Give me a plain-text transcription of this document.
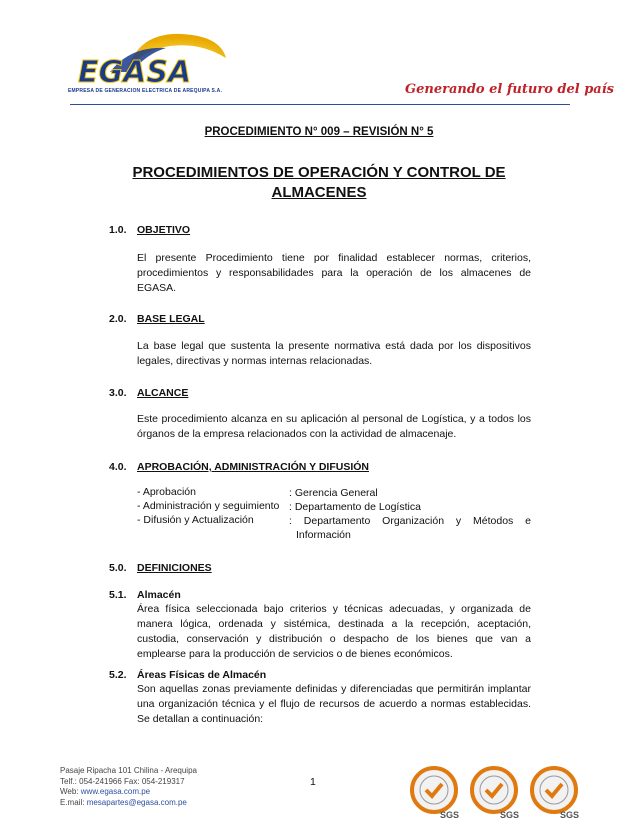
EGASA
EMPRESA DE GENERACION ELECTRICA DE AREQUIPA S.A.	Generando el futuro del país
PROCEDIMIENTO N° 009 – REVISIÓN N° 5
PROCEDIMIENTOS DE OPERACIÓN Y CONTROL DE ALMACENES
1.0. OBJETIVO
El presente Procedimiento tiene por finalidad establecer normas, criterios,
procedimientos y responsabilidades para la operación de los almacenes de
EGASA.
2.0. BASE LEGAL
La base legal que sustenta la presente normativa está dada por los dispositivos
legales, directivas y normas internas relacionadas.
3.0. ALCANCE
Este procedimiento alcanza en su aplicación al personal de Logística, y a todos los
órganos de la empresa relacionados con la actividad de almacenaje.
4.0. APROBACIÓN, ADMINISTRACIÓN Y DIFUSIÓN
- Aprobación	: Gerencia General
- Administración y seguimiento : Departamento de Logística
- Difusión y Actualización	: Departamento Organización y Métodos e
Información
5.0. DEFINICIONES
5.1. Almacén
Área física seleccionada bajo criterios y técnicas adecuadas, y organizada de
manera lógica, ordenada y sistémica, destinada a la recepción, aceptación,
custodia, conservación y distribución o despacho de los bienes que van a
emplearse para la producción de servicios o de bienes económicos.
5.2. Áreas Físicas de Almacén
Son aquellas zonas previamente definidas y diferenciadas que permitirán implantar
una organización técnica y el flujo de recursos de acuerdo a normas establecidas.
Se detallan a continuación:
Pasaje Ripacha 101 Chilina - Arequipa
Telf.: 054-241966 Fax: 054-219317
Web: www.egasa.com.pe
E.mail: mesapartes@egasa.com.pe
1
SGS	SGS	SGS
